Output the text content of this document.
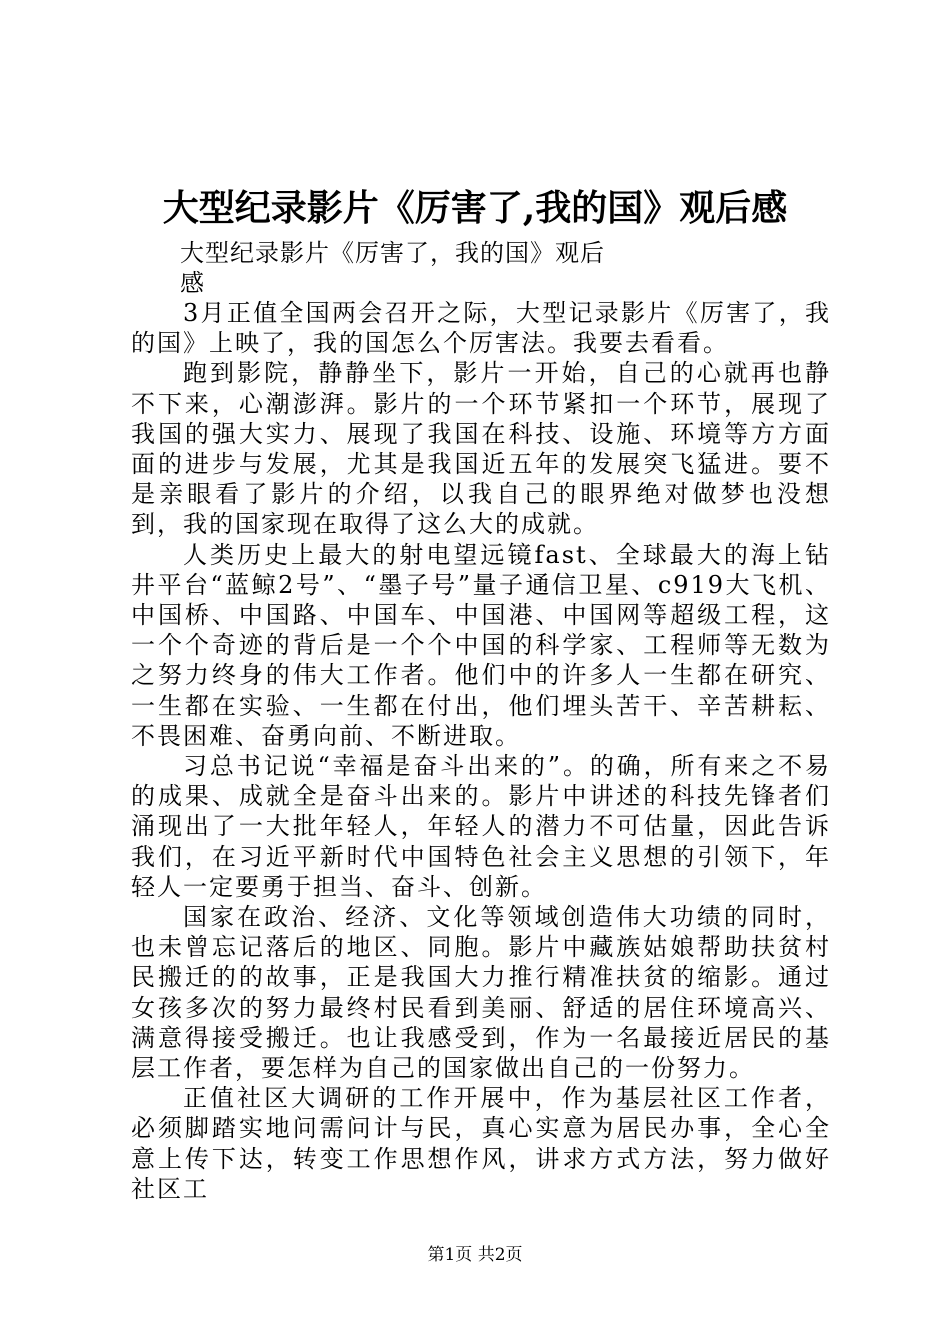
大型纪录影片《厉害了,我的国》观后感
大型纪录影片《厉害了，我的国》观后感

3月正值全国两会召开之际，大型记录影片《厉害了，我的国》上映了，我的国怎么个厉害法。我要去看看。

跑到影院，静静坐下，影片一开始，自己的心就再也静不下来，心潮澎湃。影片的一个环节紧扣一个环节，展现了我国的强大实力、展现了我国在科技、设施、环境等方方面面的进步与发展，尤其是我国近五年的发展突飞猛进。要不是亲眼看了影片的介绍，以我自己的眼界绝对做梦也没想到，我的国家现在取得了这么大的成就。

人类历史上最大的射电望远镜fast、全球最大的海上钻井平台“蓝鲸2号”、“墨子号”量子通信卫星、c919大飞机、中国桥、中国路、中国车、中国港、中国网等超级工程，这一个个奇迹的背后是一个个中国的科学家、工程师等无数为之努力终身的伟大工作者。他们中的许多人一生都在研究、一生都在实验、一生都在付出，他们埋头苦干、辛苦耕耘、不畏困难、奋勇向前、不断进取。

习总书记说“幸福是奋斗出来的”。的确，所有来之不易的成果、成就全是奋斗出来的。影片中讲述的科技先锋者们涌现出了一大批年轻人，年轻人的潜力不可估量，因此告诉我们，在习近平新时代中国特色社会主义思想的引领下，年轻人一定要勇于担当、奋斗、创新。

国家在政治、经济、文化等领域创造伟大功绩的同时，也未曾忘记落后的地区、同胞。影片中藏族姑娘帮助扶贫村民搬迁的的故事，正是我国大力推行精准扶贫的缩影。通过女孩多次的努力最终村民看到美丽、舒适的居住环境高兴、满意得接受搬迁。也让我感受到，作为一名最接近居民的基层工作者，要怎样为自己的国家做出自己的一份努力。

正值社区大调研的工作开展中，作为基层社区工作者，必须脚踏实地问需问计与民，真心实意为居民办事，全心全意上传下达，转变工作思想作风，讲求方式方法，努力做好社区工

第1页 共2页
